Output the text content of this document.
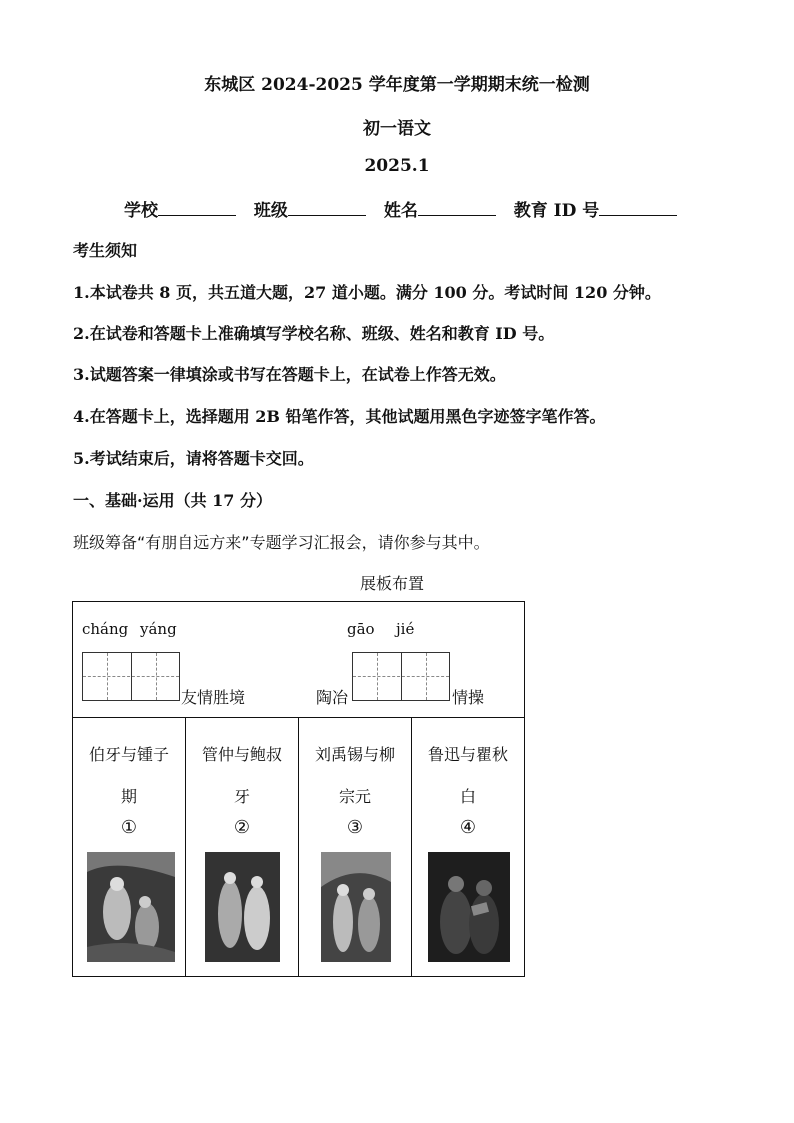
东城区 2024-2025 学年度第一学期期末统一检测
初一语文
2025.1
学校	班级	姓名	教育 ID 号
考生须知
1.本试卷共 8 页，共五道大题，27 道小题。满分 100 分。考试时间 120 分钟。
2.在试卷和答题卡上准确填写学校名称、班级、姓名和教育 ID 号。
3.试题答案一律填涂或书写在答题卡上，在试卷上作答无效。
4.在答题卡上，选择题用 2B 铅笔作答，其他试题用黑色字迹签字笔作答。
5.考试结束后，请将答题卡交回。
一、基础·运用（共 17 分）
班级筹备“有朋自远方来”专题学习汇报会，请你参与其中。
展板布置
cháng yáng
友情胜境
gāo jié
陶冶	情操
伯牙与锺子
期
①
管仲与鲍叔
牙
②
刘禹锡与柳
宗元
③
鲁迅与瞿秋
白
④
